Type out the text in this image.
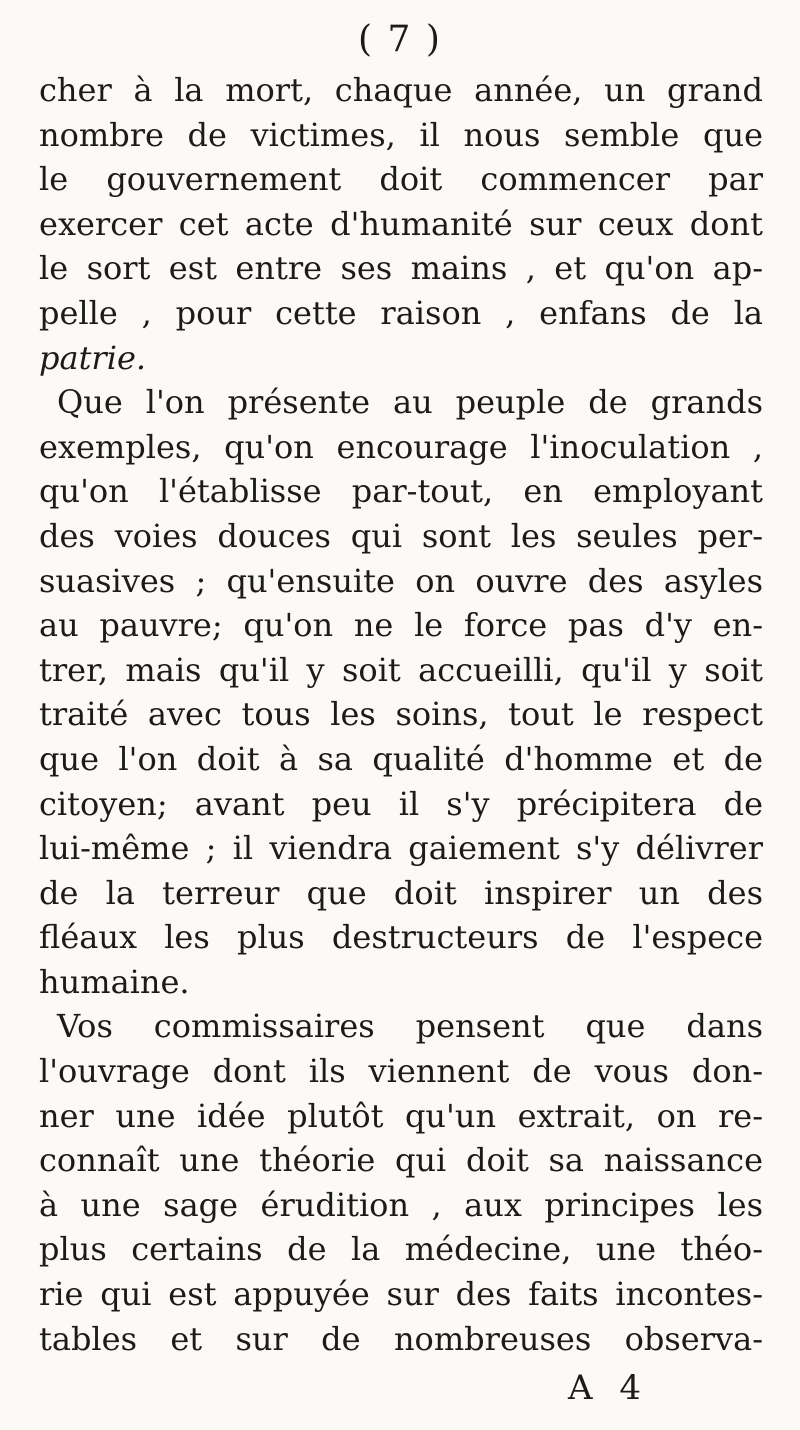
( 7 )
cher à la mort, chaque année, un grand
nombre de victimes, il nous semble que
le gouvernement doit commencer par
exercer cet acte d'humanité sur ceux dont
le sort est entre ses mains , et qu'on ap-
pelle , pour cette raison , enfans de la
patrie.
Que l'on présente au peuple de grands
exemples, qu'on encourage l'inoculation ,
qu'on l'établisse par-tout, en employant
des voies douces qui sont les seules per-
suasives ; qu'ensuite on ouvre des asyles
au pauvre; qu'on ne le force pas d'y en-
trer, mais qu'il y soit accueilli, qu'il y soit
traité avec tous les soins, tout le respect
que l'on doit à sa qualité d'homme et de
citoyen; avant peu il s'y précipitera de
lui-même ; il viendra gaiement s'y délivrer
de la terreur que doit inspirer un des
fléaux les plus destructeurs de l'espece
humaine.
Vos commissaires pensent que dans
l'ouvrage dont ils viennent de vous don-
ner une idée plutôt qu'un extrait, on re-
connaît une théorie qui doit sa naissance
à une sage érudition , aux principes les
plus certains de la médecine, une théo-
rie qui est appuyée sur des faits incontes-
tables et sur de nombreuses observa-
A 4
